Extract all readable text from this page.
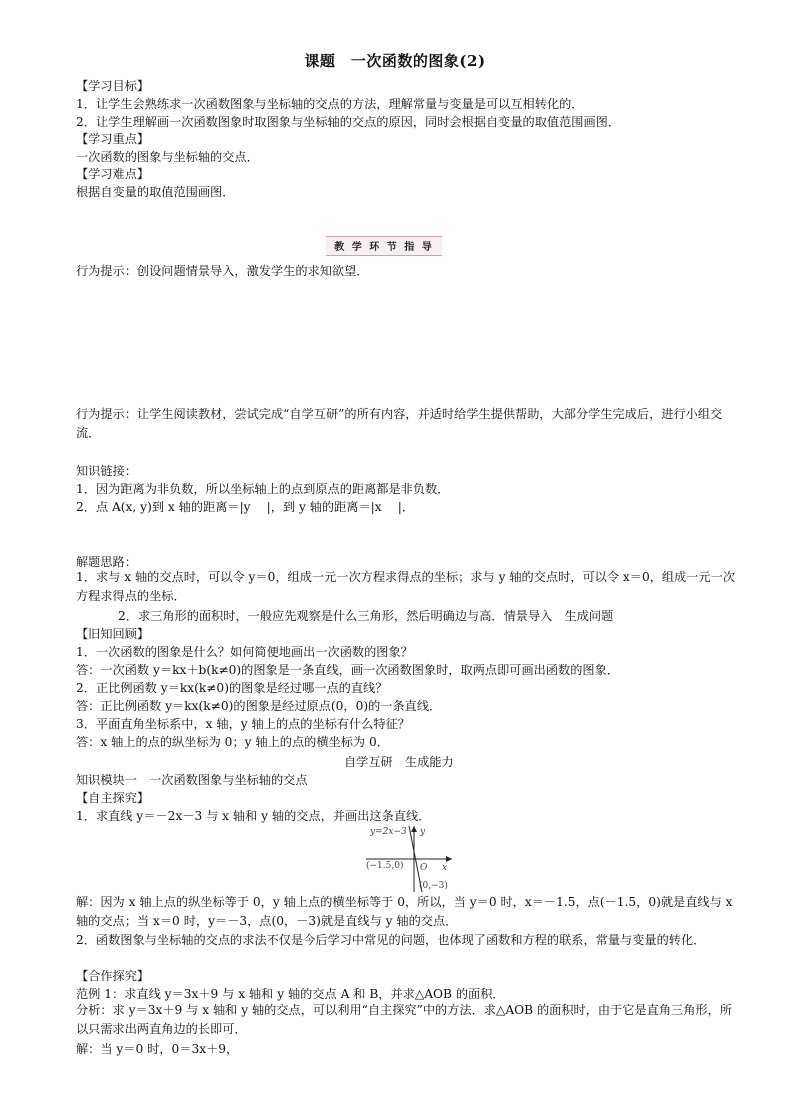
课题　一次函数的图象(2)
【学习目标】
1．让学生会熟练求一次函数图象与坐标轴的交点的方法，理解常量与变量是可以互相转化的．
2．让学生理解画一次函数图象时取图象与坐标轴的交点的原因，同时会根据自变量的取值范围画图．
【学习重点】
一次函数的图象与坐标轴的交点．
【学习难点】
根据自变量的取值范围画图．
教 学 环 节 指 导
行为提示：创设问题情景导入，激发学生的求知欲望．
行为提示：让学生阅读教材，尝试完成“自学互研”的所有内容，并适时给学生提供帮助，大部分学生完成后，进行小组交流．
知识链接：
1．因为距离为非负数，所以坐标轴上的点到原点的距离都是非负数．
2．点 A(x, y)到 x 轴的距离＝|y　 |，到 y 轴的距离＝|x　 |．
解题思路：
1．求与 x 轴的交点时，可以令 y＝0，组成一元一次方程求得点的坐标；求与 y 轴的交点时，可以令 x＝0，组成一元一次方程求得点的坐标．
2．求三角形的面积时，一般应先观察是什么三角形，然后明确边与高．情景导入　生成问题
【旧知回顾】
1．一次函数的图象是什么？如何简便地画出一次函数的图象？
答：一次函数 y＝kx＋b(k≠0)的图象是一条直线，画一次函数图象时，取两点即可画出函数的图象．
2．正比例函数 y＝kx(k≠0)的图象是经过哪一点的直线？
答：正比例函数 y＝kx(k≠0)的图象是经过原点(0，0)的一条直线．
3．平面直角坐标系中，x 轴，y 轴上的点的坐标有什么特征？
答：x 轴上的点的纵坐标为 0；y 轴上的点的横坐标为 0．
自学互研　生成能力
知识模块一　一次函数图象与坐标轴的交点
【自主探究】
1．求直线 y＝－2x－3 与 x 轴和 y 轴的交点，并画出这条直线．
y=2x−3 y
x
O
(−1.5,0)
(0,−3)
解：因为 x 轴上点的纵坐标等于 0，y 轴上点的横坐标等于 0，所以，当 y＝0 时，x＝－1.5，点(－1.5，0)就是直线与 x 轴的交点；当 x＝0 时，y＝－3，点(0，－3)就是直线与 y 轴的交点．
2．函数图象与坐标轴的交点的求法不仅是今后学习中常见的问题，也体现了函数和方程的联系，常量与变量的转化．
【合作探究】
范例 1：求直线 y＝3x＋9 与 x 轴和 y 轴的交点 A 和 B，并求△AOB 的面积．
分析：求 y＝3x＋9 与 x 轴和 y 轴的交点，可以利用“自主探究”中的方法．求△AOB 的面积时，由于它是直角三角形，所以只需求出两直角边的长即可．
解：当 y＝0 时，0＝3x＋9，
